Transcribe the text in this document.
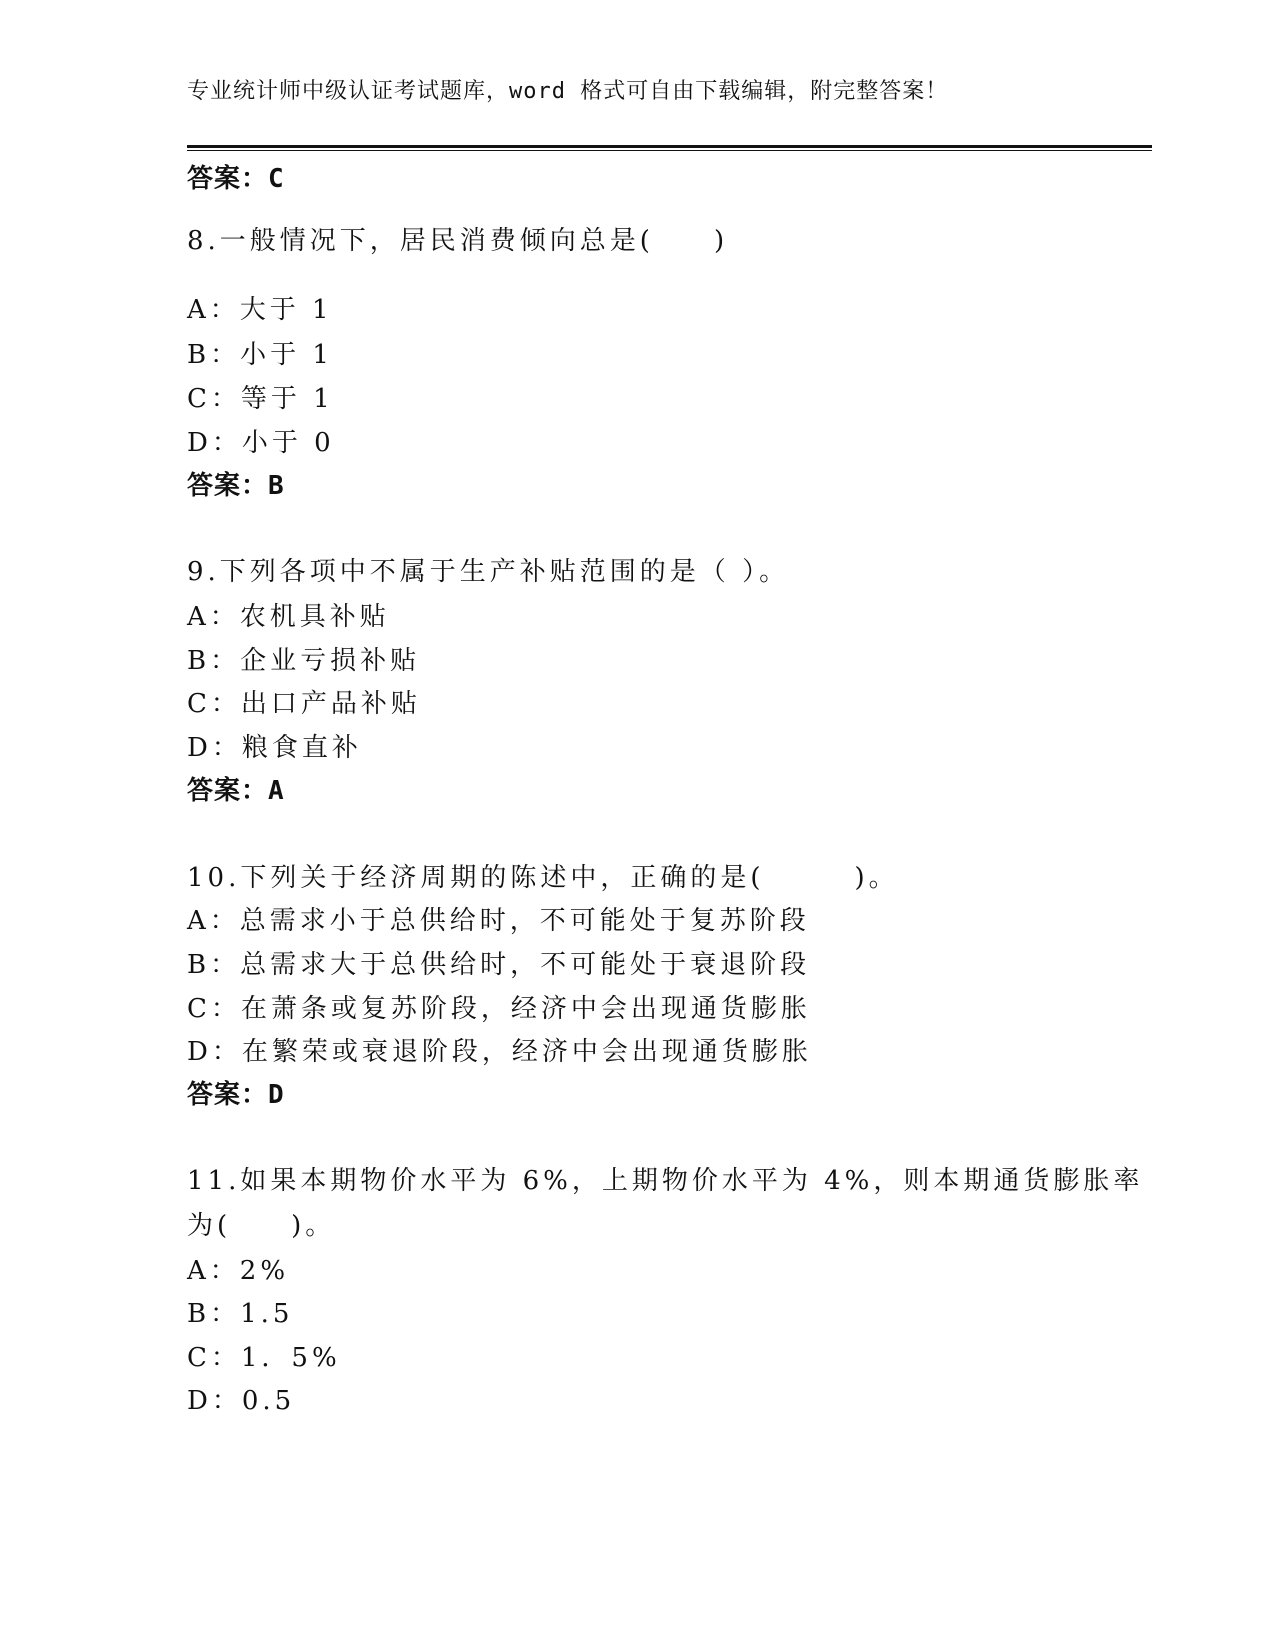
专业统计师中级认证考试题库，word 格式可自由下载编辑，附完整答案！
答案：C
8.一般情况下，居民消费倾向总是(　　)
A：大于 1
B：小于 1
C：等于 1
D：小于 0
答案：B
9.下列各项中不属于生产补贴范围的是（ ）。
A：农机具补贴
B：企业亏损补贴
C：出口产品补贴
D：粮食直补
答案：A
10.下列关于经济周期的陈述中，正确的是(　　　)。
A：总需求小于总供给时，不可能处于复苏阶段
B：总需求大于总供给时，不可能处于衰退阶段
C：在萧条或复苏阶段，经济中会出现通货膨胀
D：在繁荣或衰退阶段，经济中会出现通货膨胀
答案：D
11.如果本期物价水平为 6%，上期物价水平为 4%，则本期通货膨胀率
为(　　)。
A：2%
B：1.5
C：1．5%
D：0.5
